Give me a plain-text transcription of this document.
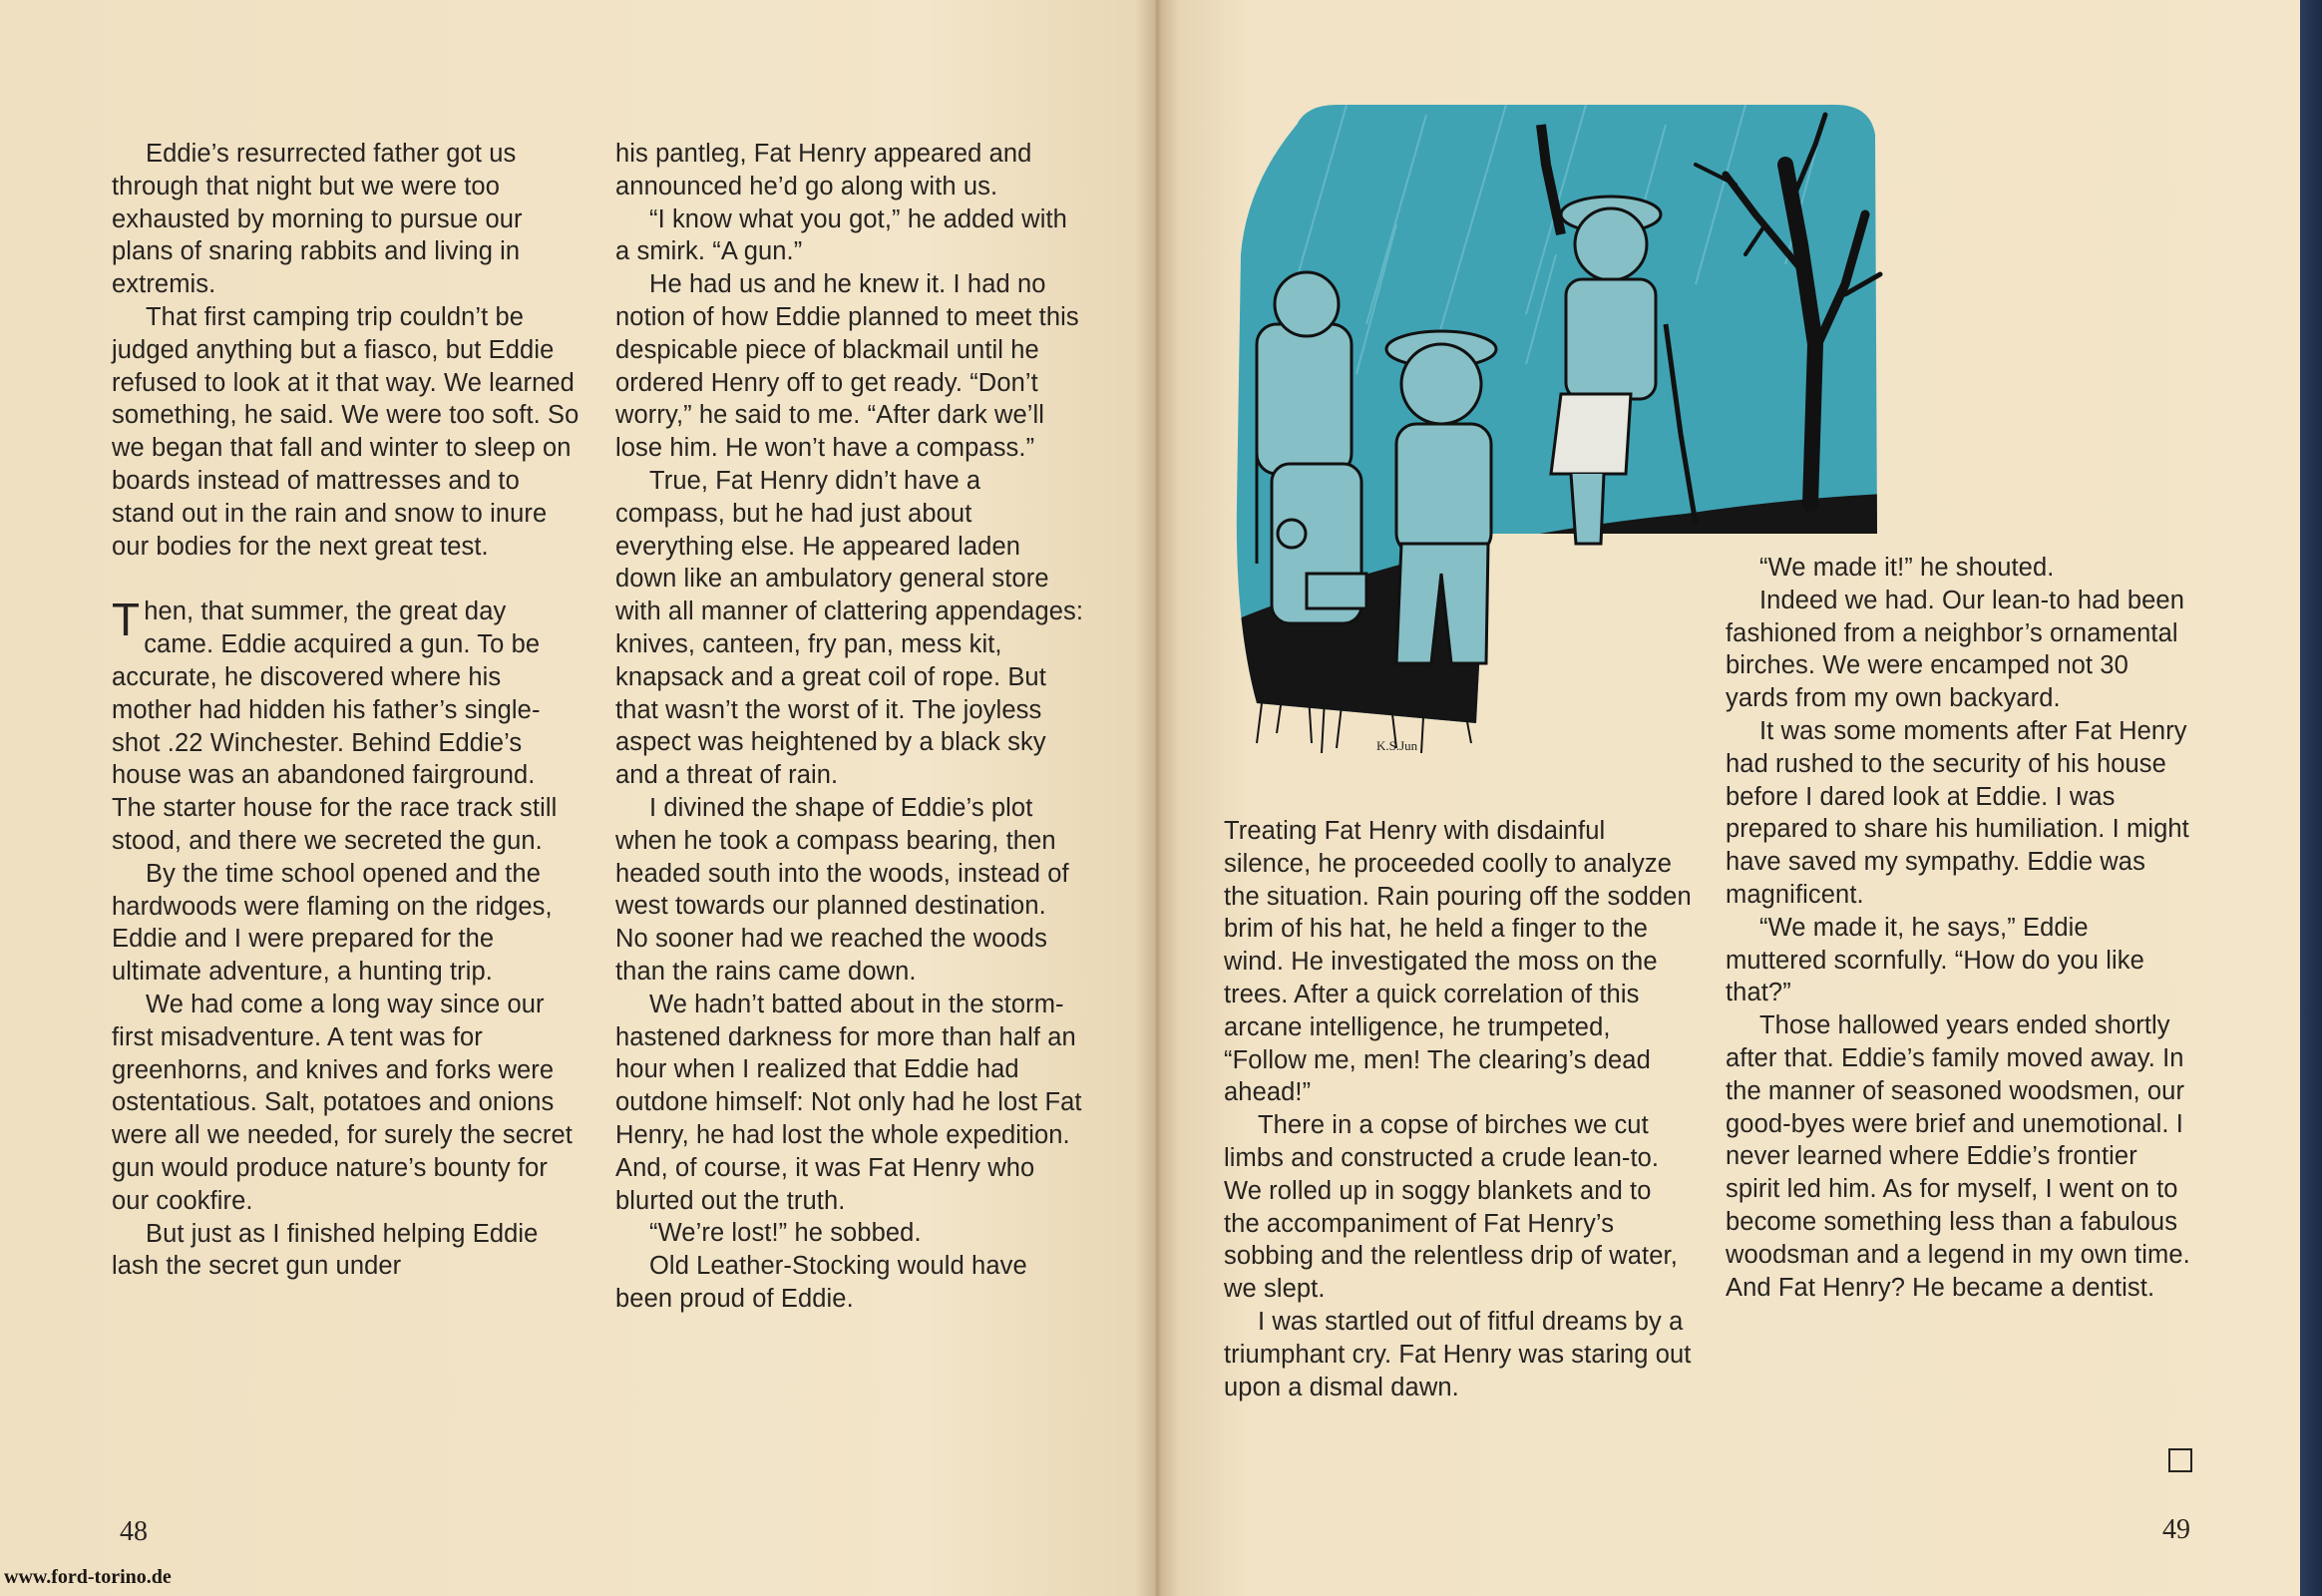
Eddie’s resurrected father got us through that night but we were too exhausted by morning to pursue our plans of snaring rabbits and living in extremis.

That first camping trip couldn’t be judged anything but a fiasco, but Eddie refused to look at it that way. We learned something, he said. We were too soft. So we began that fall and winter to sleep on boards instead of mattresses and to stand out in the rain and snow to inure our bodies for the next great test.

Then, that summer, the great day came. Eddie acquired a gun. To be accurate, he discovered where his mother had hidden his father’s single-shot .22 Winchester. Behind Eddie’s house was an abandoned fairground. The starter house for the race track still stood, and there we secreted the gun.

By the time school opened and the hardwoods were flaming on the ridges, Eddie and I were prepared for the ultimate adventure, a hunting trip.

We had come a long way since our first misadventure. A tent was for greenhorns, and knives and forks were ostentatious. Salt, potatoes and onions were all we needed, for surely the secret gun would produce nature’s bounty for our cookfire.

But just as I finished helping Eddie lash the secret gun under

his pantleg, Fat Henry appeared and announced he’d go along with us.

“I know what you got,” he added with a smirk. “A gun.”

He had us and he knew it. I had no notion of how Eddie planned to meet this despicable piece of blackmail until he ordered Henry off to get ready. “Don’t worry,” he said to me. “After dark we’ll lose him. He won’t have a compass.”

True, Fat Henry didn’t have a compass, but he had just about everything else. He appeared laden down like an ambulatory general store with all manner of clattering appendages: knives, canteen, fry pan, mess kit, knapsack and a great coil of rope. But that wasn’t the worst of it. The joyless aspect was heightened by a black sky and a threat of rain.

I divined the shape of Eddie’s plot when he took a compass bearing, then headed south into the woods, instead of west towards our planned destination. No sooner had we reached the woods than the rains came down.

We hadn’t batted about in the storm-hastened darkness for more than half an hour when I realized that Eddie had outdone himself: Not only had he lost Fat Henry, he had lost the whole expedition. And, of course, it was Fat Henry who blurted out the truth.

“We’re lost!” he sobbed.

Old Leather-Stocking would have been proud of Eddie.

K.S.Jun

Treating Fat Henry with disdainful silence, he proceeded coolly to analyze the situation. Rain pouring off the sodden brim of his hat, he held a finger to the wind. He investigated the moss on the trees. After a quick correlation of this arcane intelligence, he trumpeted, “Follow me, men! The clearing’s dead ahead!”

There in a copse of birches we cut limbs and constructed a crude lean-to. We rolled up in soggy blankets and to the accompaniment of Fat Henry’s sobbing and the relentless drip of water, we slept.

I was startled out of fitful dreams by a triumphant cry. Fat Henry was staring out upon a dismal dawn.

“We made it!” he shouted.

Indeed we had. Our lean-to had been fashioned from a neighbor’s ornamental birches. We were encamped not 30 yards from my own backyard.

It was some moments after Fat Henry had rushed to the security of his house before I dared look at Eddie. I was prepared to share his humiliation. I might have saved my sympathy. Eddie was magnificent.

“We made it, he says,” Eddie muttered scornfully. “How do you like that?”

Those hallowed years ended shortly after that. Eddie’s family moved away. In the manner of seasoned woodsmen, our good-byes were brief and unemotional. I never learned where Eddie’s frontier spirit led him. As for myself, I went on to become something less than a fabulous woodsman and a legend in my own time. And Fat Henry? He became a dentist.

48	49
www.ford-torino.de
